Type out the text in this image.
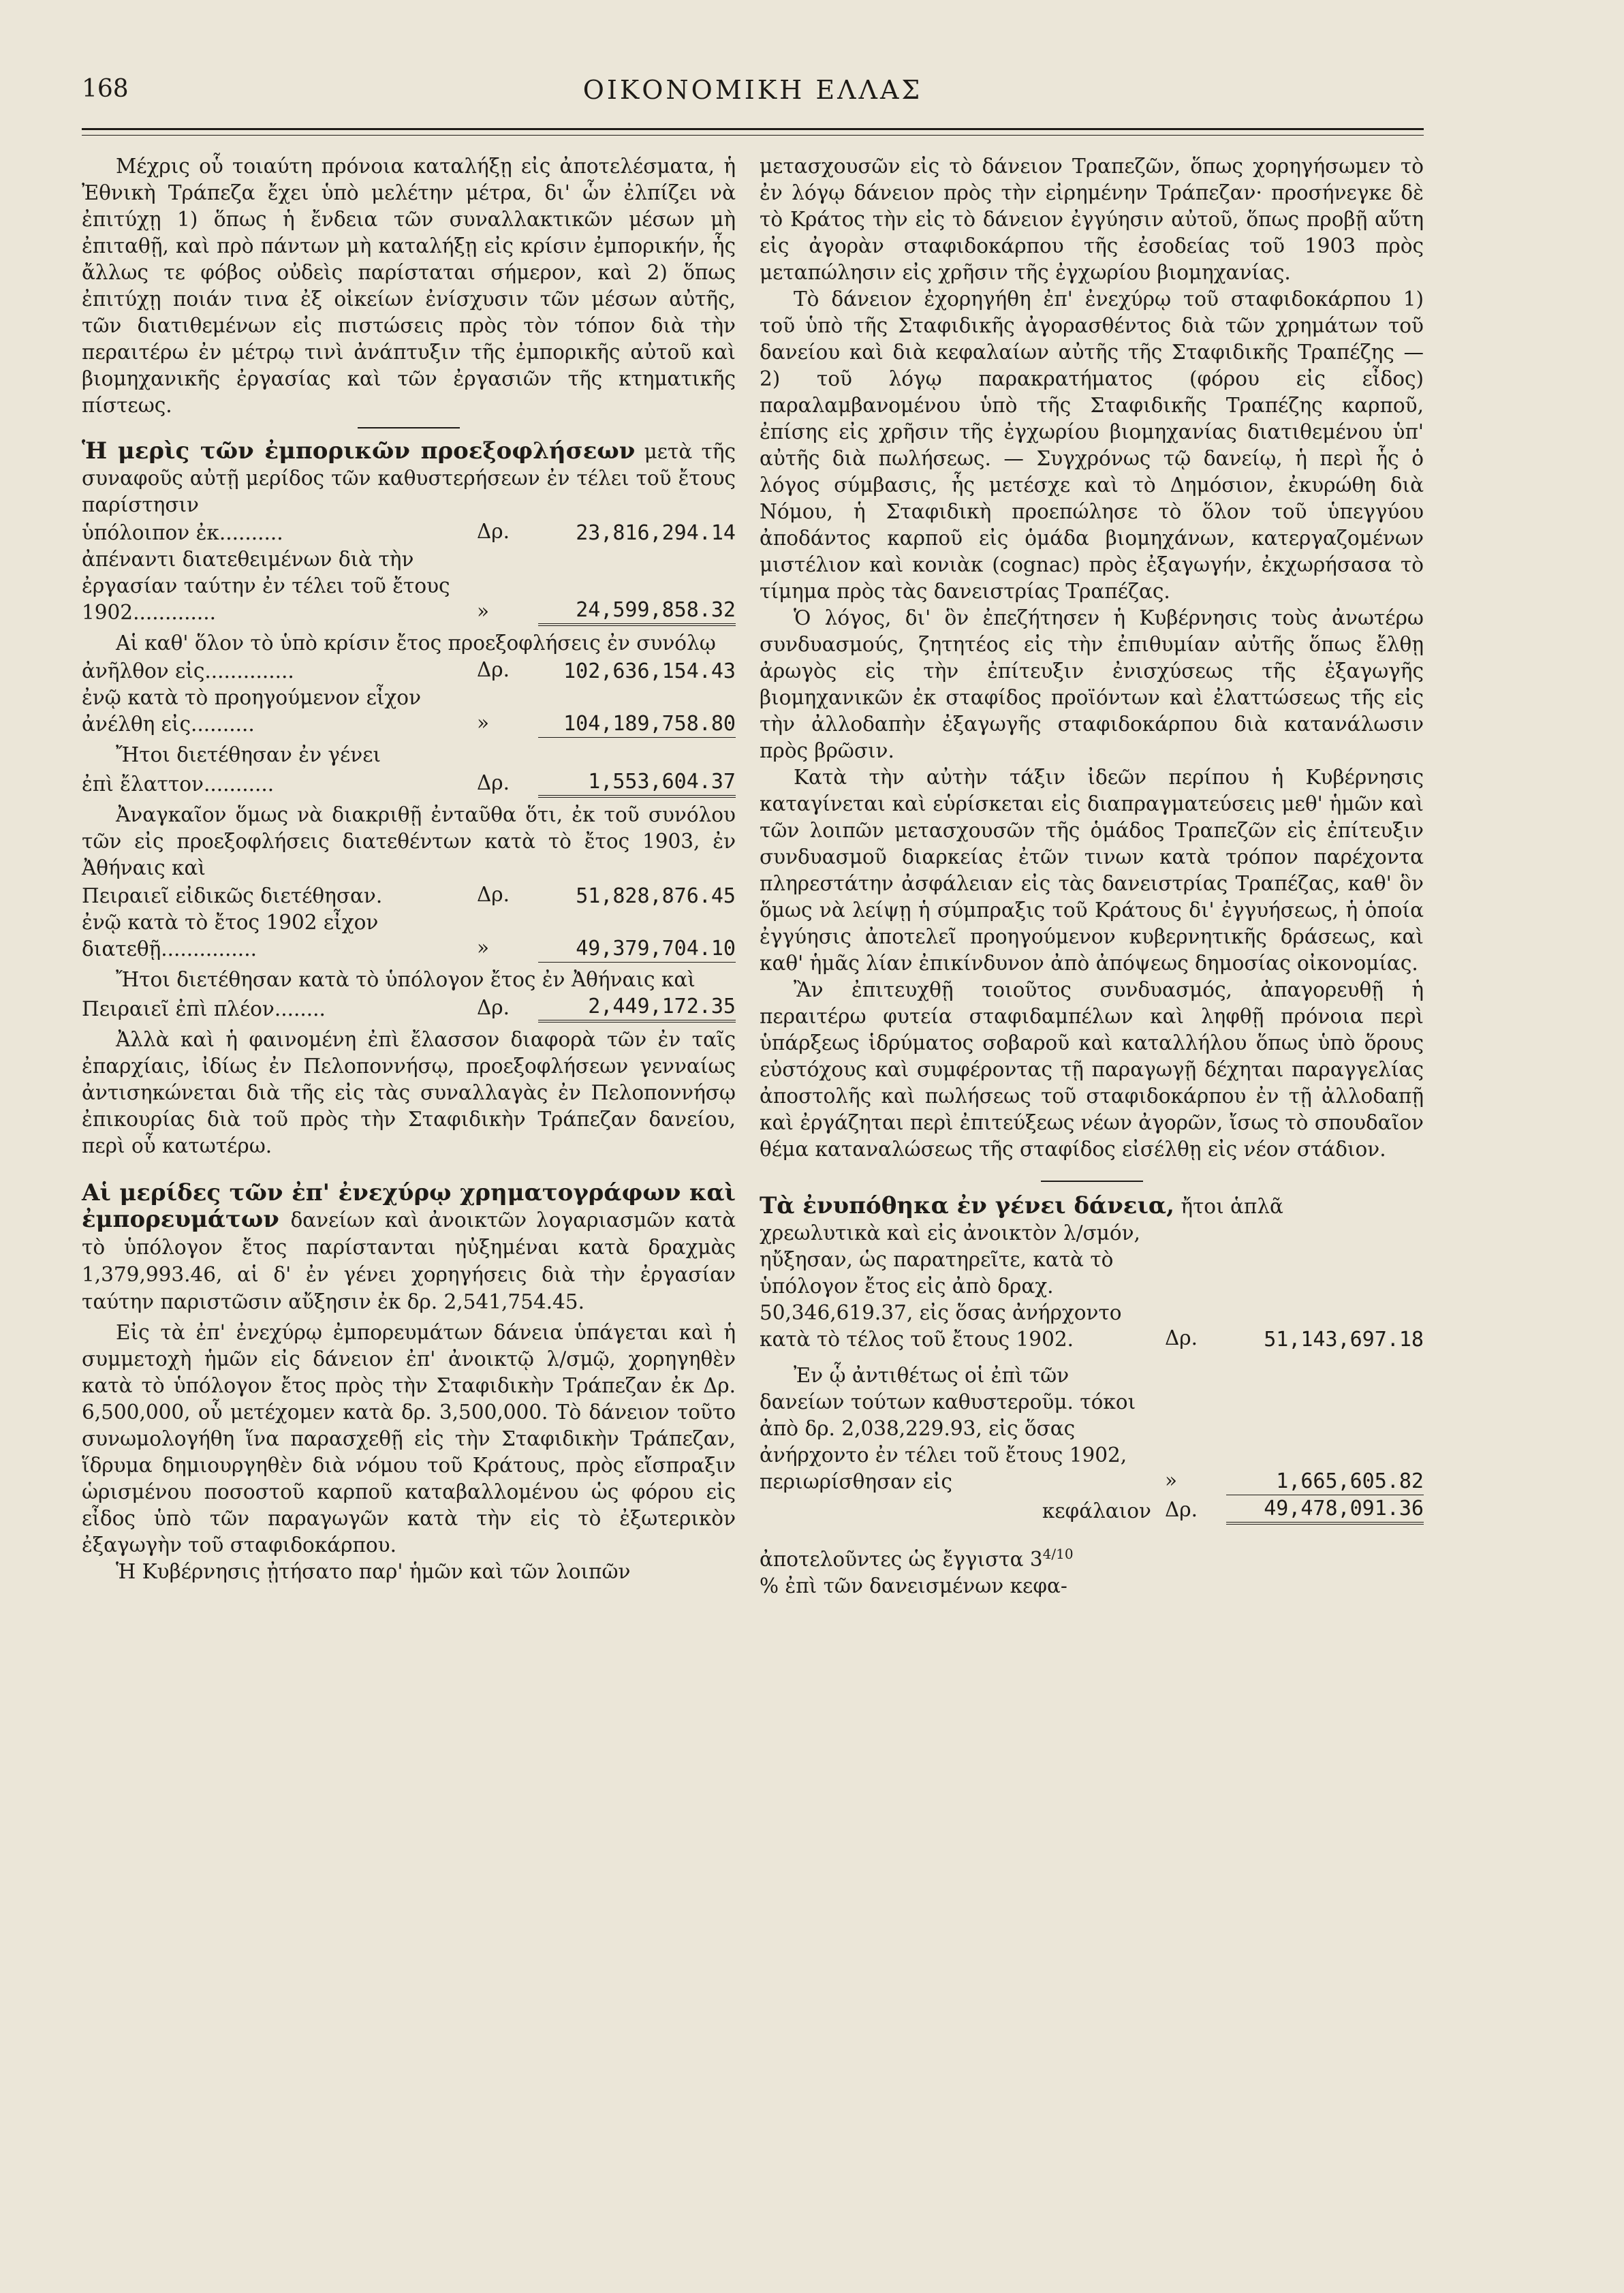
168	ΟΙΚΟΝΟΜΙΚΗ ΕΛΛΑΣ

Μέχρις οὗ τοιαύτη πρόνοια καταλήξῃ εἰς ἀποτελέσματα, ἡ Ἐθνικὴ Τράπεζα ἔχει ὑπὸ μελέτην μέτρα, δι' ὧν ἐλπίζει νὰ ἐπιτύχῃ 1) ὅπως ἡ ἔνδεια τῶν συναλλακτικῶν μέσων μὴ ἐπιταθῇ, καὶ πρὸ πάντων μὴ καταλήξῃ εἰς κρίσιν ἐμπορικήν, ἧς ἄλλως τε φόβος οὐδεὶς παρίσταται σήμερον, καὶ 2) ὅπως ἐπιτύχῃ ποιάν τινα ἐξ οἰκείων ἐνίσχυσιν τῶν μέσων αὐτῆς, τῶν διατιθεμένων εἰς πιστώσεις πρὸς τὸν τόπον διὰ τὴν περαιτέρω ἐν μέτρῳ τινὶ ἀνάπτυξιν τῆς ἐμπορικῆς αὐτοῦ καὶ βιομηχανικῆς ἐργασίας καὶ τῶν ἐργασιῶν τῆς κτηματικῆς πίστεως.

Ἡ μερὶς τῶν ἐμπορικῶν προεξοφλήσεων μετὰ τῆς συναφοῦς αὐτῇ μερίδος τῶν καθυστερήσεων ἐν τέλει τοῦ ἔτους παρίστησιν

ὑπόλοιπον ἐκ..........	Δρ.	23,816,294.14
ἀπέναντι διατεθειμένων διὰ τὴν ἐργασίαν ταύτην ἐν τέλει τοῦ ἔτους 1902.............	»	24,599,858.32

Αἱ καθ' ὅλον τὸ ὑπὸ κρίσιν ἔτος προεξοφλήσεις ἐν συνόλῳ

ἀνῆλθον εἰς..............	Δρ.	102,636,154.43
ἐνῷ κατὰ τὸ προηγούμενον εἶχον ἀνέλθη εἰς..........	»	104,189,758.80

Ἤτοι διετέθησαν ἐν γένει

ἐπὶ ἔλαττον...........	Δρ.	1,553,604.37

Ἀναγκαῖον ὅμως νὰ διακριθῇ ἐνταῦθα ὅτι, ἐκ τοῦ συνόλου τῶν εἰς προεξοφλήσεις διατεθέντων κατὰ τὸ ἔτος 1903, ἐν Ἀθήναις καὶ

Πειραιεῖ εἰδικῶς διετέθησαν.	Δρ.	51,828,876.45
ἐνῷ κατὰ τὸ ἔτος 1902 εἶχον διατεθῇ...............	»	49,379,704.10

Ἤτοι διετέθησαν κατὰ τὸ ὑπόλογον ἔτος ἐν Ἀθήναις καὶ

Πειραιεῖ ἐπὶ πλέον........	Δρ.	2,449,172.35

Ἀλλὰ καὶ ἡ φαινομένη ἐπὶ ἔλασσον διαφορὰ τῶν ἐν ταῖς ἐπαρχίαις, ἰδίως ἐν Πελοποννήσῳ, προεξοφλήσεων γενναίως ἀντισηκώνεται διὰ τῆς εἰς τὰς συναλλαγὰς ἐν Πελοποννήσῳ ἐπικουρίας διὰ τοῦ πρὸς τὴν Σταφιδικὴν Τράπεζαν δανείου, περὶ οὗ κατωτέρω.

Αἱ μερίδες τῶν ἐπ' ἐνεχύρῳ χρηματογράφων καὶ ἐμπορευμάτων δανείων καὶ ἀνοικτῶν λογαριασμῶν κατὰ τὸ ὑπόλογον ἔτος παρίστανται ηὐξημέναι κατὰ δραχμὰς 1,379,993.46, αἱ δ' ἐν γένει χορηγήσεις διὰ τὴν ἐργασίαν ταύτην παριστῶσιν αὔξησιν ἐκ δρ. 2,541,754.45.

Εἰς τὰ ἐπ' ἐνεχύρῳ ἐμπορευμάτων δάνεια ὑπάγεται καὶ ἡ συμμετοχὴ ἡμῶν εἰς δάνειον ἐπ' ἀνοικτῷ λ/σμῷ, χορηγηθὲν κατὰ τὸ ὑπόλογον ἔτος πρὸς τὴν Σταφιδικὴν Τράπεζαν ἐκ Δρ. 6,500,000, οὗ μετέχομεν κατὰ δρ. 3,500,000. Τὸ δάνειον τοῦτο συνωμολογήθη ἵνα παρασχεθῇ εἰς τὴν Σταφιδικὴν Τράπεζαν, ἵδρυμα δημιουργηθὲν διὰ νόμου τοῦ Κράτους, πρὸς εἴσπραξιν ὡρισμένου ποσοστοῦ καρποῦ καταβαλλομένου ὡς φόρου εἰς εἶδος ὑπὸ τῶν παραγωγῶν κατὰ τὴν εἰς τὸ ἐξωτερικὸν ἐξαγωγὴν τοῦ σταφιδοκάρπου.

Ἡ Κυβέρνησις ᾐτήσατο παρ' ἡμῶν καὶ τῶν λοιπῶν

μετασχουσῶν εἰς τὸ δάνειον Τραπεζῶν, ὅπως χορηγήσωμεν τὸ ἐν λόγῳ δάνειον πρὸς τὴν εἰρημένην Τράπεζαν· προσήνεγκε δὲ τὸ Κράτος τὴν εἰς τὸ δάνειον ἐγγύησιν αὐτοῦ, ὅπως προβῇ αὕτη εἰς ἀγορὰν σταφιδοκάρπου τῆς ἐσοδείας τοῦ 1903 πρὸς μεταπώλησιν εἰς χρῆσιν τῆς ἐγχωρίου βιομηχανίας.

Τὸ δάνειον ἐχορηγήθη ἐπ' ἐνεχύρῳ τοῦ σταφιδοκάρπου 1) τοῦ ὑπὸ τῆς Σταφιδικῆς ἀγορασθέντος διὰ τῶν χρημάτων τοῦ δανείου καὶ διὰ κεφαλαίων αὐτῆς τῆς Σταφιδικῆς Τραπέζης — 2) τοῦ λόγῳ παρακρατήματος (φόρου εἰς εἶδος) παραλαμβανομένου ὑπὸ τῆς Σταφιδικῆς Τραπέζης καρποῦ, ἐπίσης εἰς χρῆσιν τῆς ἐγχωρίου βιομηχανίας διατιθεμένου ὑπ' αὐτῆς διὰ πωλήσεως. — Συγχρόνως τῷ δανείῳ, ἡ περὶ ἧς ὁ λόγος σύμβασις, ἧς μετέσχε καὶ τὸ Δημόσιον, ἐκυρώθη διὰ Νόμου, ἡ Σταφιδικὴ προεπώλησε τὸ ὅλον τοῦ ὑπεγγύου ἀποδάντος καρποῦ εἰς ὁμάδα βιομηχάνων, κατεργαζομένων μιστέλιον καὶ κονιὰκ (cognac) πρὸς ἐξαγωγήν, ἐκχωρήσασα τὸ τίμημα πρὸς τὰς δανειστρίας Τραπέζας.

Ὁ λόγος, δι' ὃν ἐπεζήτησεν ἡ Κυβέρνησις τοὺς ἀνωτέρω συνδυασμούς, ζητητέος εἰς τὴν ἐπιθυμίαν αὐτῆς ὅπως ἔλθῃ ἀρωγὸς εἰς τὴν ἐπίτευξιν ἐνισχύσεως τῆς ἐξαγωγῆς βιομηχανικῶν ἐκ σταφίδος προϊόντων καὶ ἐλαττώσεως τῆς εἰς τὴν ἀλλοδαπὴν ἐξαγωγῆς σταφιδοκάρπου διὰ κατανάλωσιν πρὸς βρῶσιν.

Κατὰ τὴν αὐτὴν τάξιν ἰδεῶν περίπου ἡ Κυβέρνησις καταγίνεται καὶ εὑρίσκεται εἰς διαπραγματεύσεις μεθ' ἡμῶν καὶ τῶν λοιπῶν μετασχουσῶν τῆς ὁμάδος Τραπεζῶν εἰς ἐπίτευξιν συνδυασμοῦ διαρκείας ἐτῶν τινων κατὰ τρόπον παρέχοντα πληρεστάτην ἀσφάλειαν εἰς τὰς δανειστρίας Τραπέζας, καθ' ὃν ὅμως νὰ λείψῃ ἡ σύμπραξις τοῦ Κράτους δι' ἐγγυήσεως, ἡ ὁποία ἐγγύησις ἀποτελεῖ προηγούμενον κυβερνητικῆς δράσεως, καὶ καθ' ἡμᾶς λίαν ἐπικίνδυνον ἀπὸ ἀπόψεως δημοσίας οἰκονομίας.

Ἂν ἐπιτευχθῇ τοιοῦτος συνδυασμός, ἀπαγορευθῇ ἡ περαιτέρω φυτεία σταφιδαμπέλων καὶ ληφθῇ πρόνοια περὶ ὑπάρξεως ἱδρύματος σοβαροῦ καὶ καταλλήλου ὅπως ὑπὸ ὅρους εὐστόχους καὶ συμφέροντας τῇ παραγωγῇ δέχηται παραγγελίας ἀποστολῆς καὶ πωλήσεως τοῦ σταφιδοκάρπου ἐν τῇ ἀλλοδαπῇ καὶ ἐργάζηται περὶ ἐπιτεύξεως νέων ἀγορῶν, ἴσως τὸ σπουδαῖον θέμα καταναλώσεως τῆς σταφίδος εἰσέλθῃ εἰς νέον στάδιον.

Τὰ ἐνυπόθηκα ἐν γένει δάνεια, ἤτοι ἁπλᾶ

χρεωλυτικὰ καὶ εἰς ἀνοικτὸν λ/σμόν, ηὔξησαν, ὡς παρατηρεῖτε, κατὰ τὸ ὑπόλογον ἔτος εἰς ἀπὸ δραχ. 50,346,619.37, εἰς ὅσας ἀνήρχοντο κατὰ τὸ τέλος τοῦ ἔτους 1902.	Δρ.	51,143,697.18
Ἐν ᾧ ἀντιθέτως οἱ ἐπὶ τῶν δανείων τούτων καθυστεροῦμ. τόκοι ἀπὸ δρ. 2,038,229.93, εἰς ὅσας ἀνήρχοντο ἐν τέλει τοῦ ἔτους 1902, περιωρίσθησαν εἰς	»	1,665,605.82
κεφάλαιον Δρ.	49,478,091.36

ἀποτελοῦντες ὡς ἔγγιστα $3^{4/10}$
% ἐπὶ τῶν δανεισμένων κεφα-
